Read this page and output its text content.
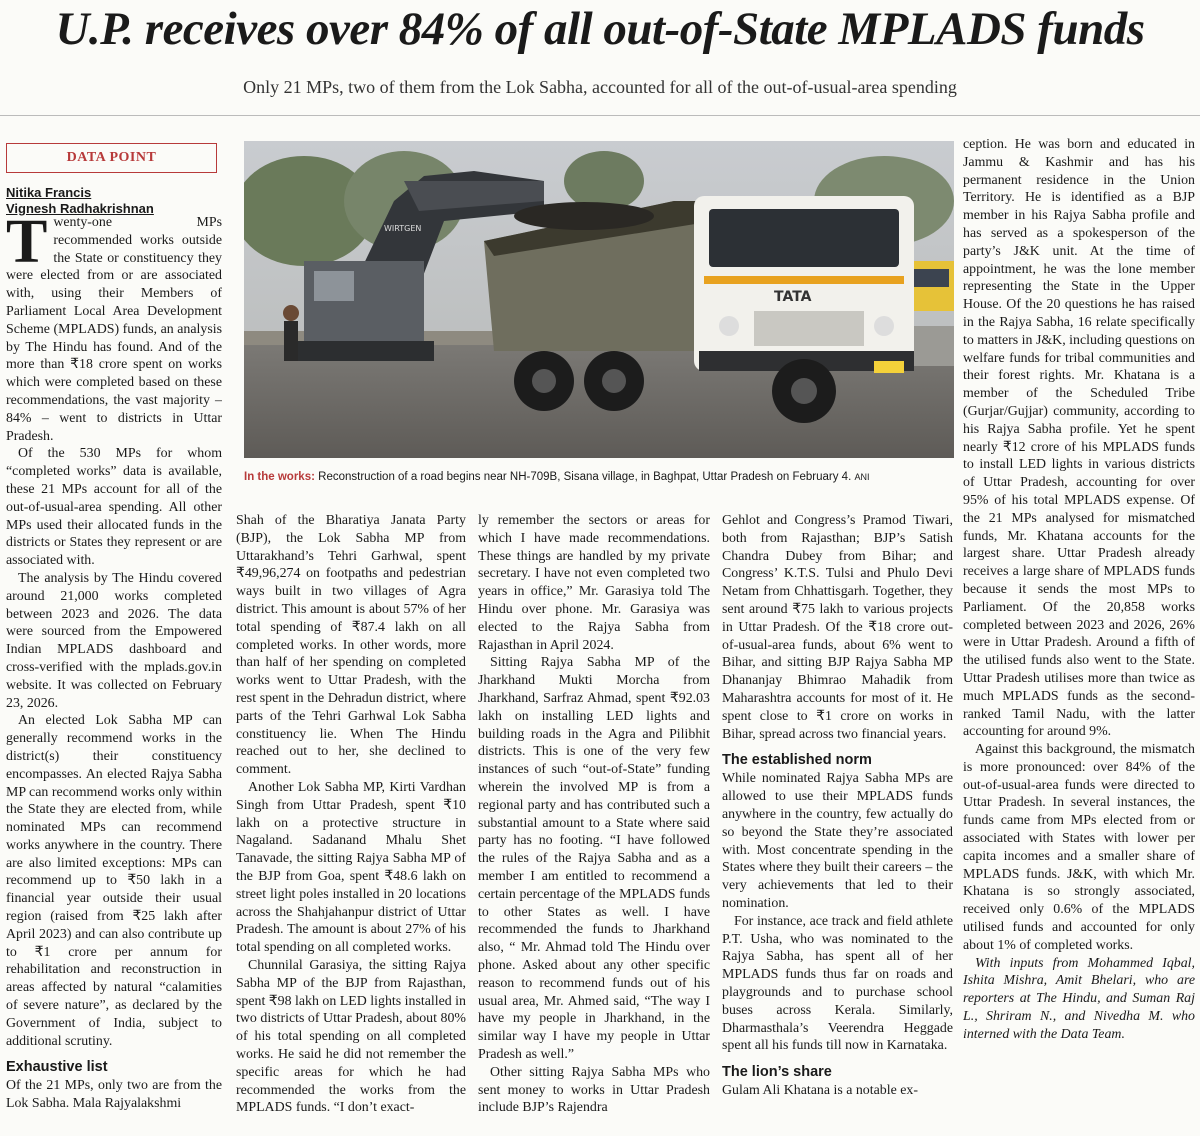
U.P. receives over 84% of all out-of-State MPLADS funds
Only 21 MPs, two of them from the Lok Sabha, accounted for all of the out-of-usual-area spending
DATA POINT
Nitika Francis
Vignesh Radhakrishnan

Twenty-one MPs recommended works outside the State or constituency they were elected from or are associated with, using their Members of Parliament Local Area Development Scheme (MPLADS) funds, an analysis by The Hindu has found. And of the more than ₹18 crore spent on works which were completed based on these recommendations, the vast majority – 84% – went to districts in Uttar Pradesh.

Of the 530 MPs for whom “completed works” data is available, these 21 MPs account for all of the out-of-usual-area spending. All other MPs used their allocated funds in the districts or States they represent or are associated with.

The analysis by The Hindu covered around 21,000 works completed between 2023 and 2026. The data were sourced from the Empowered Indian MPLADS dashboard and cross-verified with the mplads.gov.in website. It was collected on February 23, 2026.

An elected Lok Sabha MP can generally recommend works in the district(s) their constituency encompasses. An elected Rajya Sabha MP can recommend works only within the State they are elected from, while nominated MPs can recommend works anywhere in the country. There are also limited exceptions: MPs can recommend up to ₹50 lakh in a financial year outside their usual region (raised from ₹25 lakh after April 2023) and can also contribute up to ₹1 crore per annum for rehabilitation and reconstruction in areas affected by natural “calamities of severe nature”, as declared by the Government of India, subject to additional scrutiny.

Exhaustive list

Of the 21 MPs, only two are from the Lok Sabha. Mala Rajyalakshmi

TATA
WIRTGEN
In the works: Reconstruction of a road begins near NH-709B, Sisana village, in Baghpat, Uttar Pradesh on February 4. ANI

Shah of the Bharatiya Janata Party (BJP), the Lok Sabha MP from Uttarakhand’s Tehri Garhwal, spent ₹49,96,274 on footpaths and pedestrian ways built in two villages of Agra district. This amount is about 57% of her total spending of ₹87.4 lakh on all completed works. In other words, more than half of her spending on completed works went to Uttar Pradesh, with the rest spent in the Dehradun district, where parts of the Tehri Garhwal Lok Sabha constituency lie. When The Hindu reached out to her, she declined to comment.

Another Lok Sabha MP, Kirti Vardhan Singh from Uttar Pradesh, spent ₹10 lakh on a protective structure in Nagaland. Sadanand Mhalu Shet Tanavade, the sitting Rajya Sabha MP of the BJP from Goa, spent ₹48.6 lakh on street light poles installed in 20 locations across the Shahjahanpur district of Uttar Pradesh. The amount is about 27% of his total spending on all completed works.

Chunnilal Garasiya, the sitting Rajya Sabha MP of the BJP from Rajasthan, spent ₹98 lakh on LED lights installed in two districts of Uttar Pradesh, about 80% of his total spending on all completed works. He said he did not remember the specific areas for which he had recommended the works from the MPLADS funds. “I don’t exact-

ly remember the sectors or areas for which I have made recommendations. These things are handled by my private secretary. I have not even completed two years in office,” Mr. Garasiya told The Hindu over phone. Mr. Garasiya was elected to the Rajya Sabha from Rajasthan in April 2024.

Sitting Rajya Sabha MP of the Jharkhand Mukti Morcha from Jharkhand, Sarfraz Ahmad, spent ₹92.03 lakh on installing LED lights and building roads in the Agra and Pilibhit districts. This is one of the very few instances of such “out-of-State” funding wherein the involved MP is from a regional party and has contributed such a substantial amount to a State where said party has no footing. “I have followed the rules of the Rajya Sabha and as a member I am entitled to recommend a certain percentage of the MPLADS funds to other States as well. I have recommended the funds to Jharkhand also, “ Mr. Ahmad told The Hindu over phone. Asked about any other specific reason to recommend funds out of his usual area, Mr. Ahmed said, “The way I have my people in Jharkhand, in the similar way I have my people in Uttar Pradesh as well.”

Other sitting Rajya Sabha MPs who sent money to works in Uttar Pradesh include BJP’s Rajendra

Gehlot and Congress’s Pramod Tiwari, both from Rajasthan; BJP’s Satish Chandra Dubey from Bihar; and Congress’ K.T.S. Tulsi and Phulo Devi Netam from Chhattisgarh. Together, they sent around ₹75 lakh to various projects in Uttar Pradesh. Of the ₹18 crore out-of-usual-area funds, about 6% went to Bihar, and sitting BJP Rajya Sabha MP Dhananjay Bhimrao Mahadik from Maharashtra accounts for most of it. He spent close to ₹1 crore on works in Bihar, spread across two financial years.

The established norm

While nominated Rajya Sabha MPs are allowed to use their MPLADS funds anywhere in the country, few actually do so beyond the State they’re associated with. Most concentrate spending in the States where they built their careers – the very achievements that led to their nomination.

For instance, ace track and field athlete P.T. Usha, who was nominated to the Rajya Sabha, has spent all of her MPLADS funds thus far on roads and playgrounds and to purchase school buses across Kerala. Similarly, Dharmasthala’s Veerendra Heggade spent all his funds till now in Karnataka.

The lion’s share

Gulam Ali Khatana is a notable ex-

ception. He was born and educated in Jammu & Kashmir and has his permanent residence in the Union Territory. He is identified as a BJP member in his Rajya Sabha profile and has served as a spokesperson of the party’s J&K unit. At the time of appointment, he was the lone member representing the State in the Upper House. Of the 20 questions he has raised in the Rajya Sabha, 16 relate specifically to matters in J&K, including questions on welfare funds for tribal communities and their forest rights. Mr. Khatana is a member of the Scheduled Tribe (Gurjar/Gujjar) community, according to his Rajya Sabha profile. Yet he spent nearly ₹12 crore of his MPLADS funds to install LED lights in various districts of Uttar Pradesh, accounting for over 95% of his total MPLADS expense. Of the 21 MPs analysed for mismatched funds, Mr. Khatana accounts for the largest share. Uttar Pradesh already receives a large share of MPLADS funds because it sends the most MPs to Parliament. Of the 20,858 works completed between 2023 and 2026, 26% were in Uttar Pradesh. Around a fifth of the utilised funds also went to the State. Uttar Pradesh utilises more than twice as much MPLADS funds as the second-ranked Tamil Nadu, with the latter accounting for around 9%.

Against this background, the mismatch is more pronounced: over 84% of the out-of-usual-area funds were directed to Uttar Pradesh. In several instances, the funds came from MPs elected from or associated with States with lower per capita incomes and a smaller share of MPLADS funds. J&K, with which Mr. Khatana is so strongly associated, received only 0.6% of the MPLADS utilised funds and accounted for only about 1% of completed works.

With inputs from Mohammed Iqbal, Ishita Mishra, Amit Bhelari, who are reporters at The Hindu, and Suman Raj L., Shriram N., and Nivedha M. who interned with the Data Team.
